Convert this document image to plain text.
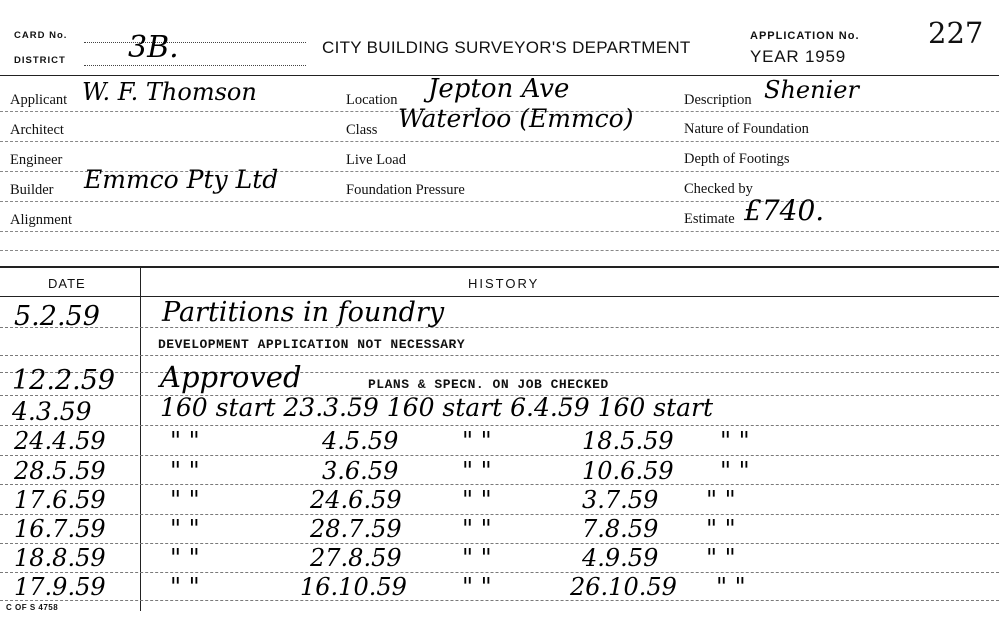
CARD No.
DISTRICT 3B.	CITY BUILDING SURVEYOR'S DEPARTMENT
APPLICATION No. 227
YEAR 1959
Applicant W. F. Thomson
Architect
Engineer
Builder Emmco Pty Ltd
Alignment
Location Jepton Ave
Class Waterloo (Emmco)
Live Load
Foundation Pressure
Description Shenier
Nature of Foundation
Depth of Footings
Checked by
Estimate £740.
DATE	HISTORY
5.2.59 Partitions in foundry
DEVELOPMENT APPLICATION NOT NECESSARY
12.2.59 Approved	PLANS & SPECN. ON JOB CHECKED
4.3.59	160 start 23.3.59 160 start 6.4.59 160 start
24.4.59	" "	4.5.59	" "	18.5.59 " "
28.5.59	" "	3.6.59	" "	10.6.59 " "
17.6.59	" "	24.6.59	" "	3.7.59 " "
16.7.59	" "	28.7.59	" "	7.8.59 " "
18.8.59	" "	27.8.59	" "	4.9.59 " "
17.9.59	" "	16.10.59 " "	26.10.59 " "
C OF S 4758
